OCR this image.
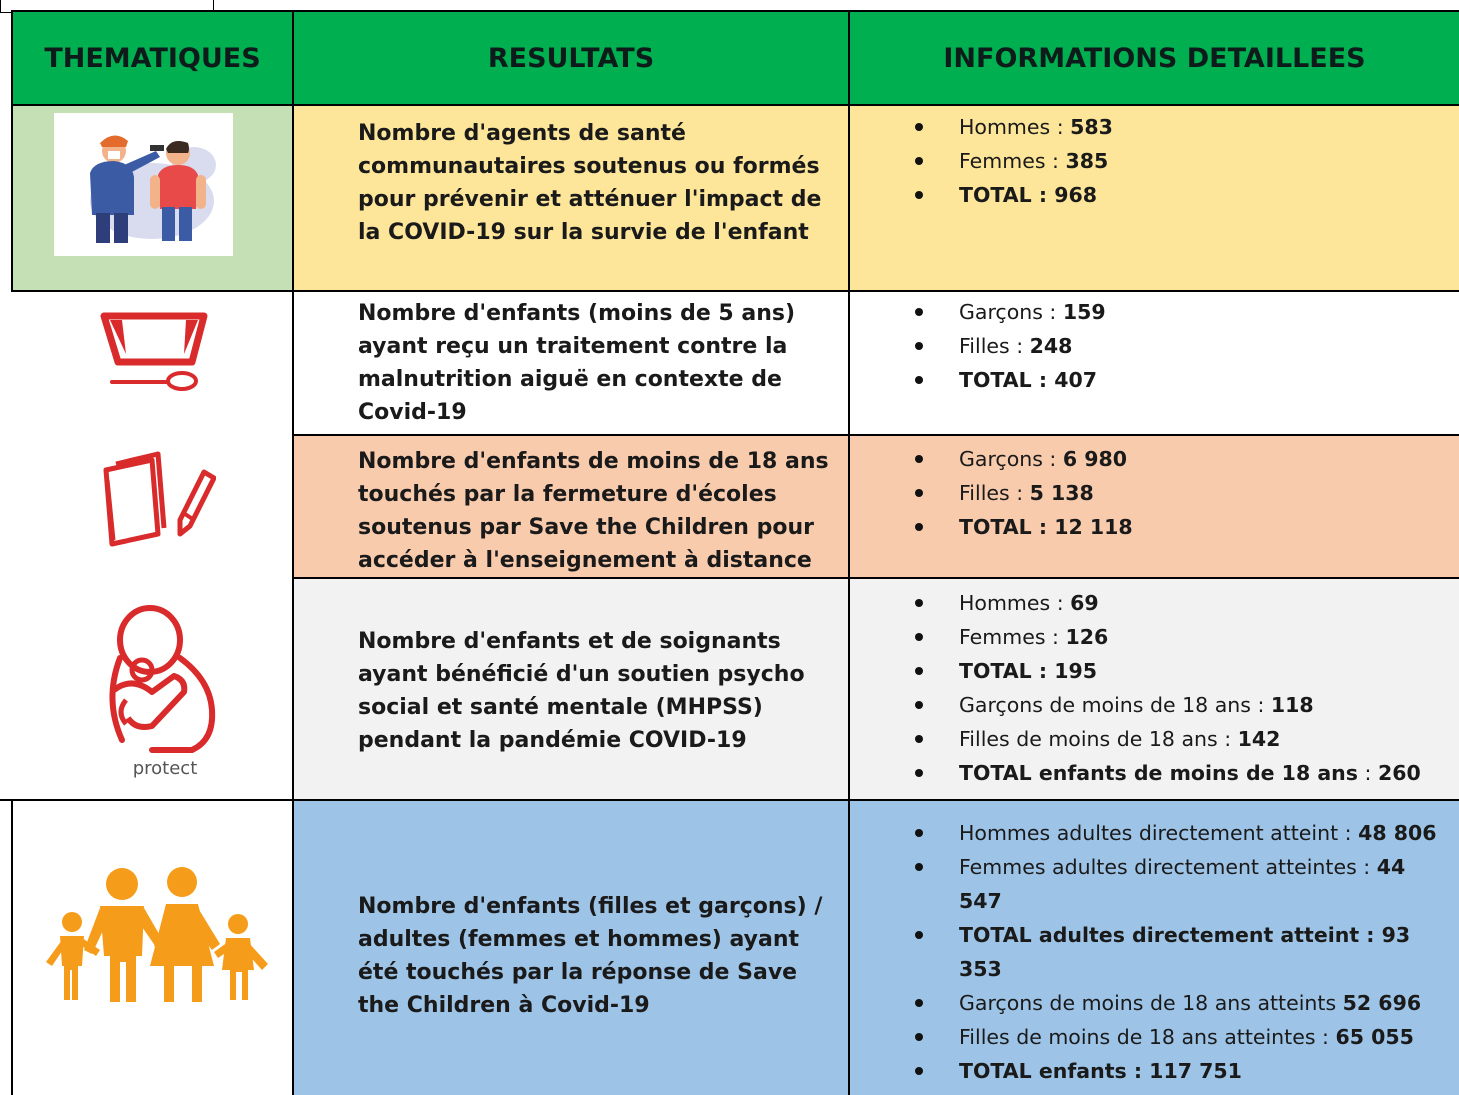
THEMATIQUES	RESULTATS	INFORMATIONS DETAILLEES
Nombre d'agents de santé communautaires soutenus ou formés pour prévenir et atténuer l'impact de la COVID-19 sur la survie de l'enfant
Hommes : 583
Femmes : 385
TOTAL : 968
Nombre d'enfants (moins de 5 ans) ayant reçu un traitement contre la malnutrition aiguë en contexte de Covid-19
Garçons : 159
Filles : 248
TOTAL : 407
Nombre d'enfants de moins de 18 ans touchés par la fermeture d'écoles soutenus par Save the Children pour accéder à l'enseignement à distance
Garçons : 6 980
Filles : 5 138
TOTAL : 12 118
protect
Nombre d'enfants et de soignants ayant bénéficié d'un soutien psycho social et santé mentale (MHPSS) pendant la pandémie COVID-19
Hommes : 69
Femmes : 126
TOTAL : 195
Garçons de moins de 18 ans : 118
Filles de moins de 18 ans : 142
TOTAL enfants de moins de 18 ans : 260
Nombre d'enfants (filles et garçons) / adultes (femmes et hommes) ayant été touchés par la réponse de Save the Children à Covid-19
Hommes adultes directement atteint : 48 806
Femmes adultes directement atteintes : 44 547
TOTAL adultes directement atteint : 93 353
Garçons de moins de 18 ans atteints 52 696
Filles de moins de 18 ans atteintes : 65 055
TOTAL enfants : 117 751
